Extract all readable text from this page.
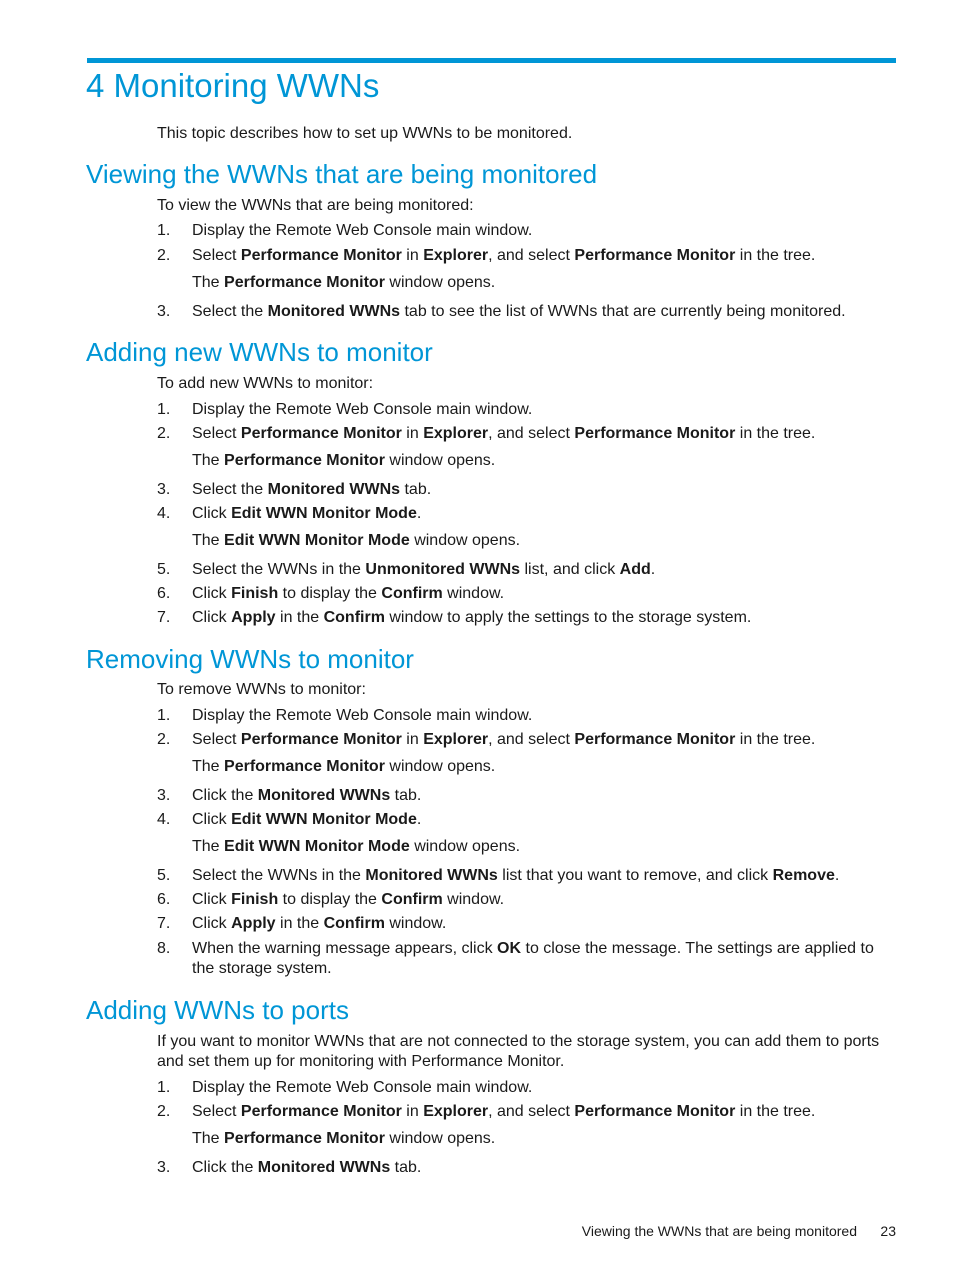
4 Monitoring WWNs
This topic describes how to set up WWNs to be monitored.
Viewing the WWNs that are being monitored
To view the WWNs that are being monitored:
1. Display the Remote Web Console main window.
2. Select Performance Monitor in Explorer, and select Performance Monitor in the tree.
The Performance Monitor window opens.
3. Select the Monitored WWNs tab to see the list of WWNs that are currently being monitored.
Adding new WWNs to monitor
To add new WWNs to monitor:
1. Display the Remote Web Console main window.
2. Select Performance Monitor in Explorer, and select Performance Monitor in the tree.
The Performance Monitor window opens.
3. Select the Monitored WWNs tab.
4. Click Edit WWN Monitor Mode.
The Edit WWN Monitor Mode window opens.
5. Select the WWNs in the Unmonitored WWNs list, and click Add.
6. Click Finish to display the Confirm window.
7. Click Apply in the Confirm window to apply the settings to the storage system.
Removing WWNs to monitor
To remove WWNs to monitor:
1. Display the Remote Web Console main window.
2. Select Performance Monitor in Explorer, and select Performance Monitor in the tree.
The Performance Monitor window opens.
3. Click the Monitored WWNs tab.
4. Click Edit WWN Monitor Mode.
The Edit WWN Monitor Mode window opens.
5. Select the WWNs in the Monitored WWNs list that you want to remove, and click Remove.
6. Click Finish to display the Confirm window.
7. Click Apply in the Confirm window.
8. When the warning message appears, click OK to close the message. The settings are applied to the storage system.
Adding WWNs to ports
If you want to monitor WWNs that are not connected to the storage system, you can add them to ports and set them up for monitoring with Performance Monitor.
1. Display the Remote Web Console main window.
2. Select Performance Monitor in Explorer, and select Performance Monitor in the tree.
The Performance Monitor window opens.
3. Click the Monitored WWNs tab.
Viewing the WWNs that are being monitored 23
